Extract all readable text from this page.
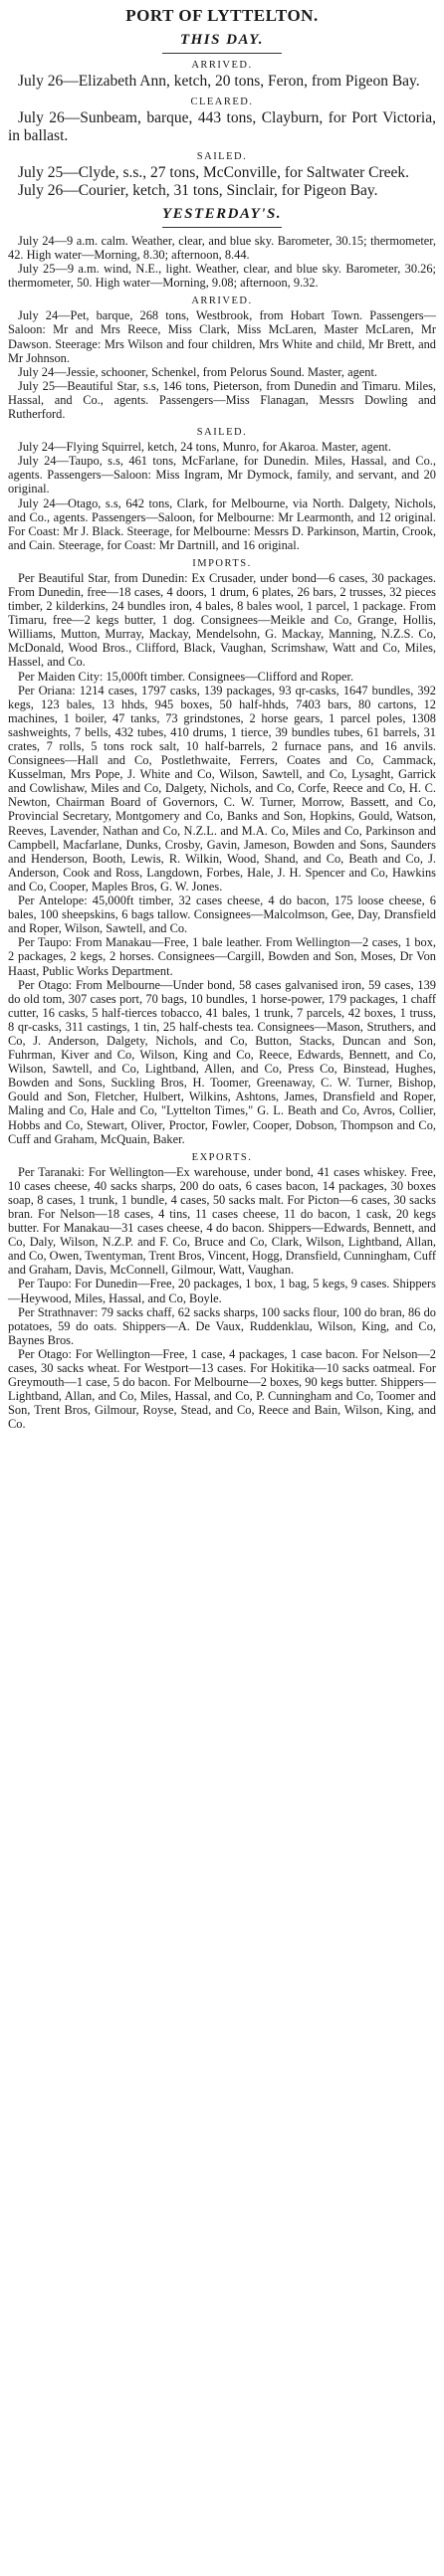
PORT OF LYTTELTON.
THIS DAY.
ARRIVED.

July 26—Elizabeth Ann, ketch, 20 tons, Feron, from Pigeon Bay.

CLEARED.

July 26—Sunbeam, barque, 443 tons, Clayburn, for Port Victoria, in ballast.

SAILED.

July 25—Clyde, s.s., 27 tons, McConville, for Saltwater Creek.

July 26—Courier, ketch, 31 tons, Sinclair, for Pigeon Bay.

YESTERDAY'S.

July 24—9 a.m. calm. Weather, clear, and blue sky. Barometer, 30.15; thermometer, 42. High water—Morning, 8.30; afternoon, 8.44.

July 25—9 a.m. wind, N.E., light. Weather, clear, and blue sky. Barometer, 30.26; thermometer, 50. High water—Morning, 9.08; afternoon, 9.32.

ARRIVED.

July 24—Pet, barque, 268 tons, Westbrook, from Hobart Town. Passengers—Saloon: Mr and Mrs Reece, Miss Clark, Miss McLaren, Master McLaren, Mr Dawson. Steerage: Mrs Wilson and four children, Mrs White and child, Mr Brett, and Mr Johnson.

July 24—Jessie, schooner, Schenkel, from Pelorus Sound. Master, agent.

July 25—Beautiful Star, s.s, 146 tons, Pieterson, from Dunedin and Timaru. Miles, Hassal, and Co., agents. Passengers—Miss Flanagan, Messrs Dowling and Rutherford.

SAILED.

July 24—Flying Squirrel, ketch, 24 tons, Munro, for Akaroa. Master, agent.

July 24—Taupo, s.s, 461 tons, McFarlane, for Dunedin. Miles, Hassal, and Co., agents. Passengers—Saloon: Miss Ingram, Mr Dymock, family, and servant, and 20 original.

July 24—Otago, s.s, 642 tons, Clark, for Melbourne, via North. Dalgety, Nichols, and Co., agents. Passengers—Saloon, for Melbourne: Mr Learmonth, and 12 original. For Coast: Mr J. Black. Steerage, for Melbourne: Messrs D. Parkinson, Martin, Crook, and Cain. Steerage, for Coast: Mr Dartnill, and 16 original.

IMPORTS.

Per Beautiful Star, from Dunedin: Ex Crusader, under bond—6 cases, 30 packages. From Dunedin, free—18 cases, 4 doors, 1 drum, 6 plates, 26 bars, 2 trusses, 32 pieces timber, 2 kilderkins, 24 bundles iron, 4 bales, 8 bales wool, 1 parcel, 1 package. From Timaru, free—2 kegs butter, 1 dog. Consignees—Meikle and Co, Grange, Hollis, Williams, Mutton, Murray, Mackay, Mendelsohn, G. Mackay, Manning, N.Z.S. Co, McDonald, Wood Bros., Clifford, Black, Vaughan, Scrimshaw, Watt and Co, Miles, Hassel, and Co.

Per Maiden City: 15,000ft timber. Consignees—Clifford and Roper.

Per Oriana: 1214 cases, 1797 casks, 139 packages, 93 qr-casks, 1647 bundles, 392 kegs, 123 bales, 13 hhds, 945 boxes, 50 half-hhds, 7403 bars, 80 cartons, 12 machines, 1 boiler, 47 tanks, 73 grindstones, 2 horse gears, 1 parcel poles, 1308 sashweights, 7 bells, 432 tubes, 410 drums, 1 tierce, 39 bundles tubes, 61 barrels, 31 crates, 7 rolls, 5 tons rock salt, 10 half-barrels, 2 furnace pans, and 16 anvils. Consignees—Hall and Co, Postlethwaite, Ferrers, Coates and Co, Cammack, Kusselman, Mrs Pope, J. White and Co, Wilson, Sawtell, and Co, Lysaght, Garrick and Cowlishaw, Miles and Co, Dalgety, Nichols, and Co, Corfe, Reece and Co, H. C. Newton, Chairman Board of Governors, C. W. Turner, Morrow, Bassett, and Co, Provincial Secretary, Montgomery and Co, Banks and Son, Hopkins, Gould, Watson, Reeves, Lavender, Nathan and Co, N.Z.L. and M.A. Co, Miles and Co, Parkinson and Campbell, Macfarlane, Dunks, Crosby, Gavin, Jameson, Bowden and Sons, Saunders and Henderson, Booth, Lewis, R. Wilkin, Wood, Shand, and Co, Beath and Co, J. Anderson, Cook and Ross, Langdown, Forbes, Hale, J. H. Spencer and Co, Hawkins and Co, Cooper, Maples Bros, G. W. Jones.

Per Antelope: 45,000ft timber, 32 cases cheese, 4 do bacon, 175 loose cheese, 6 bales, 100 sheepskins, 6 bags tallow. Consignees—Malcolmson, Gee, Day, Dransfield and Roper, Wilson, Sawtell, and Co.

Per Taupo: From Manakau—Free, 1 bale leather. From Wellington—2 cases, 1 box, 2 packages, 2 kegs, 2 horses. Consignees—Cargill, Bowden and Son, Moses, Dr Von Haast, Public Works Department.

Per Otago: From Melbourne—Under bond, 58 cases galvanised iron, 59 cases, 139 do old tom, 307 cases port, 70 bags, 10 bundles, 1 horse-power, 179 packages, 1 chaff cutter, 16 casks, 5 half-tierces tobacco, 41 bales, 1 trunk, 7 parcels, 42 boxes, 1 truss, 8 qr-casks, 311 castings, 1 tin, 25 half-chests tea. Consignees—Mason, Struthers, and Co, J. Anderson, Dalgety, Nichols, and Co, Button, Stacks, Duncan and Son, Fuhrman, Kiver and Co, Wilson, King and Co, Reece, Edwards, Bennett, and Co, Wilson, Sawtell, and Co, Lightband, Allen, and Co, Press Co, Binstead, Hughes, Bowden and Sons, Suckling Bros, H. Toomer, Greenaway, C. W. Turner, Bishop, Gould and Son, Fletcher, Hulbert, Wilkins, Ashtons, James, Dransfield and Roper, Maling and Co, Hale and Co, "Lyttelton Times," G. L. Beath and Co, Avros, Collier, Hobbs and Co, Stewart, Oliver, Proctor, Fowler, Cooper, Dobson, Thompson and Co, Cuff and Graham, McQuain, Baker.

EXPORTS.

Per Taranaki: For Wellington—Ex warehouse, under bond, 41 cases whiskey. Free, 10 cases cheese, 40 sacks sharps, 200 do oats, 6 cases bacon, 14 packages, 30 boxes soap, 8 cases, 1 trunk, 1 bundle, 4 cases, 50 sacks malt. For Picton—6 cases, 30 sacks bran. For Nelson—18 cases, 4 tins, 11 cases cheese, 11 do bacon, 1 cask, 20 kegs butter. For Manakau—31 cases cheese, 4 do bacon. Shippers—Edwards, Bennett, and Co, Daly, Wilson, N.Z.P. and F. Co, Bruce and Co, Clark, Wilson, Lightband, Allan, and Co, Owen, Twentyman, Trent Bros, Vincent, Hogg, Dransfield, Cunningham, Cuff and Graham, Davis, McConnell, Gilmour, Watt, Vaughan.

Per Taupo: For Dunedin—Free, 20 packages, 1 box, 1 bag, 5 kegs, 9 cases. Shippers—Heywood, Miles, Hassal, and Co, Boyle.

Per Strathnaver: 79 sacks chaff, 62 sacks sharps, 100 sacks flour, 100 do bran, 86 do potatoes, 59 do oats. Shippers—A. De Vaux, Ruddenklau, Wilson, King, and Co, Baynes Bros.

Per Otago: For Wellington—Free, 1 case, 4 packages, 1 case bacon. For Nelson—2 cases, 30 sacks wheat. For Westport—13 cases. For Hokitika—10 sacks oatmeal. For Greymouth—1 case, 5 do bacon. For Melbourne—2 boxes, 90 kegs butter. Shippers—Lightband, Allan, and Co, Miles, Hassal, and Co, P. Cunningham and Co, Toomer and Son, Trent Bros, Gilmour, Royse, Stead, and Co, Reece and Bain, Wilson, King, and Co.
